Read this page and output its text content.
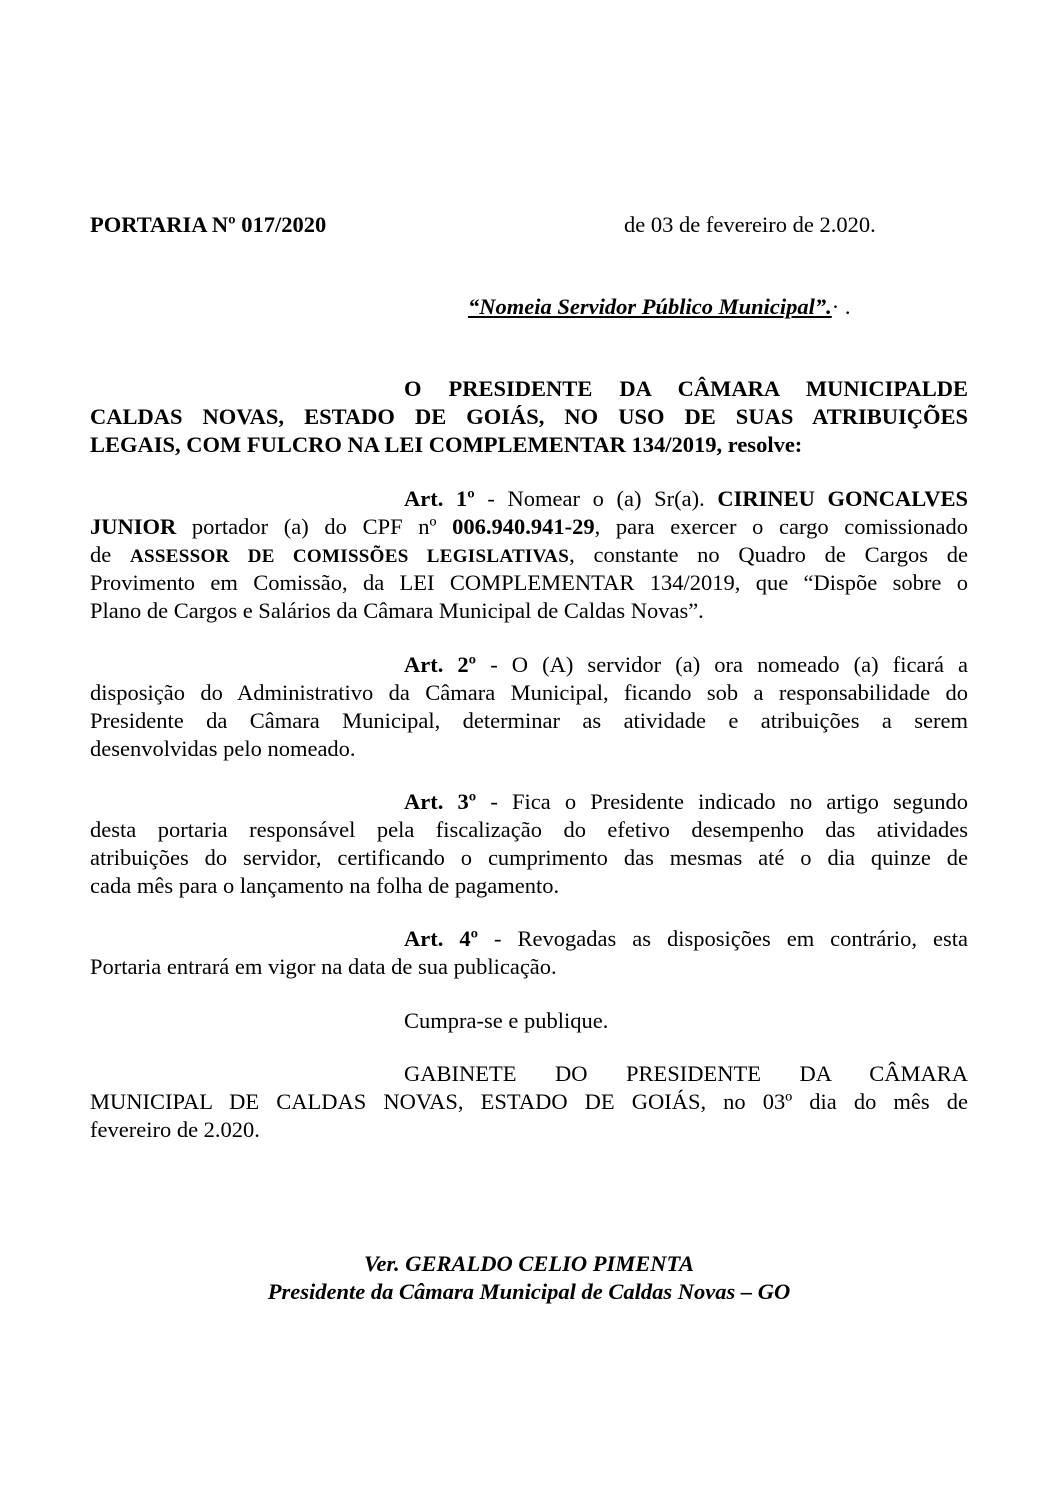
PORTARIA Nº 017/2020	de 03 de fevereiro de 2.020.
“Nomeia Servidor Público Municipal”.· .
O PRESIDENTE DA CÂMARA MUNICIPALDE
CALDAS NOVAS, ESTADO DE GOIÁS, NO USO DE SUAS ATRIBUIÇÕES
LEGAIS, COM FULCRO NA LEI COMPLEMENTAR 134/2019, resolve:
Art. 1º - Nomear o (a) Sr(a). CIRINEU GONCALVES
JUNIOR portador (a) do CPF nº 006.940.941-29, para exercer o cargo comissionado
de ASSESSOR DE COMISSÕES LEGISLATIVAS, constante no Quadro de Cargos de
Provimento em Comissão, da LEI COMPLEMENTAR 134/2019, que “Dispõe sobre o
Plano de Cargos e Salários da Câmara Municipal de Caldas Novas”.
Art. 2º - O (A) servidor (a) ora nomeado (a) ficará a
disposição do Administrativo da Câmara Municipal, ficando sob a responsabilidade do
Presidente da Câmara Municipal, determinar as atividade e atribuições a serem
desenvolvidas pelo nomeado.
Art. 3º - Fica o Presidente indicado no artigo segundo
desta portaria responsável pela fiscalização do efetivo desempenho das atividades
atribuições do servidor, certificando o cumprimento das mesmas até o dia quinze de
cada mês para o lançamento na folha de pagamento.
Art. 4º - Revogadas as disposições em contrário, esta
Portaria entrará em vigor na data de sua publicação.
Cumpra-se e publique.
GABINETE DO PRESIDENTE DA CÂMARA
MUNICIPAL DE CALDAS NOVAS, ESTADO DE GOIÁS, no 03º dia do mês de
fevereiro de 2.020.
Ver. GERALDO CELIO PIMENTA
Presidente da Câmara Municipal de Caldas Novas – GO
